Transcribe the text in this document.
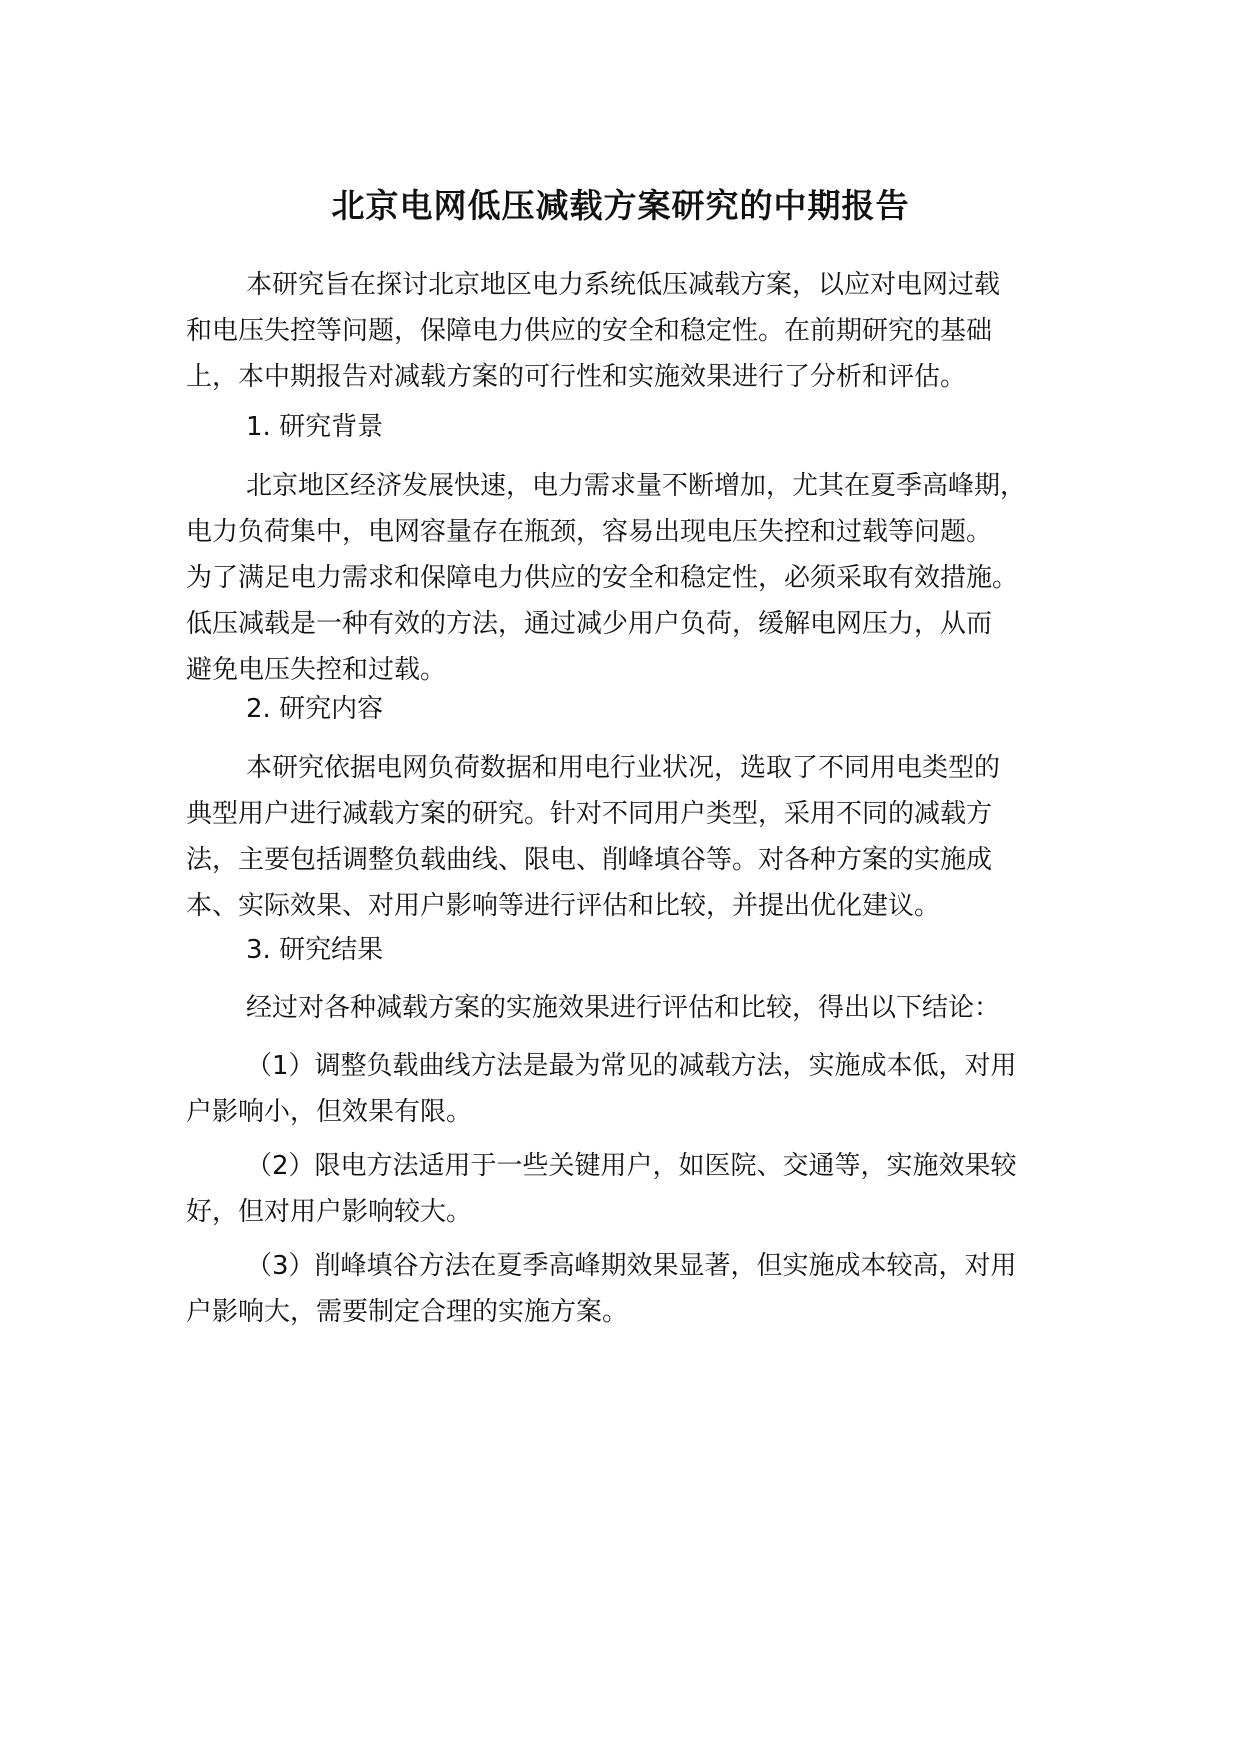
北京电网低压减载方案研究的中期报告

本研究旨在探讨北京地区电力系统低压减载方案，以应对电网过载
和电压失控等问题，保障电力供应的安全和稳定性。在前期研究的基础
上，本中期报告对减载方案的可行性和实施效果进行了分析和评估。

1. 研究背景

北京地区经济发展快速，电力需求量不断增加，尤其在夏季高峰期，
电力负荷集中，电网容量存在瓶颈，容易出现电压失控和过载等问题。
为了满足电力需求和保障电力供应的安全和稳定性，必须采取有效措施。
低压减载是一种有效的方法，通过减少用户负荷，缓解电网压力，从而
避免电压失控和过载。

2. 研究内容

本研究依据电网负荷数据和用电行业状况，选取了不同用电类型的
典型用户进行减载方案的研究。针对不同用户类型，采用不同的减载方
法，主要包括调整负载曲线、限电、削峰填谷等。对各种方案的实施成
本、实际效果、对用户影响等进行评估和比较，并提出优化建议。

3. 研究结果

经过对各种减载方案的实施效果进行评估和比较，得出以下结论：

（1）调整负载曲线方法是最为常见的减载方法，实施成本低，对用
户影响小，但效果有限。

（2）限电方法适用于一些关键用户，如医院、交通等，实施效果较
好，但对用户影响较大。

（3）削峰填谷方法在夏季高峰期效果显著，但实施成本较高，对用
户影响大，需要制定合理的实施方案。
